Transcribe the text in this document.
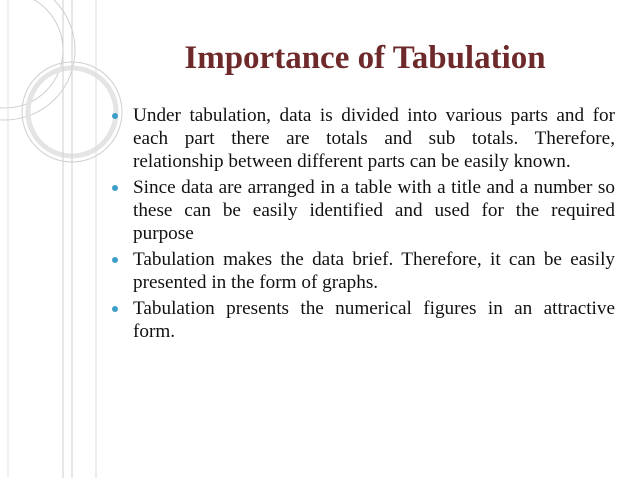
Importance of Tabulation
Under tabulation, data is divided into various parts and for each part there are totals and sub totals. Therefore, relationship between different parts can be easily known.
Since data are arranged in a table with a title and a number so these can be easily identified and used for the required purpose
Tabulation makes the data brief. Therefore, it can be easily presented in the form of graphs.
Tabulation presents the numerical figures in an attractive form.
